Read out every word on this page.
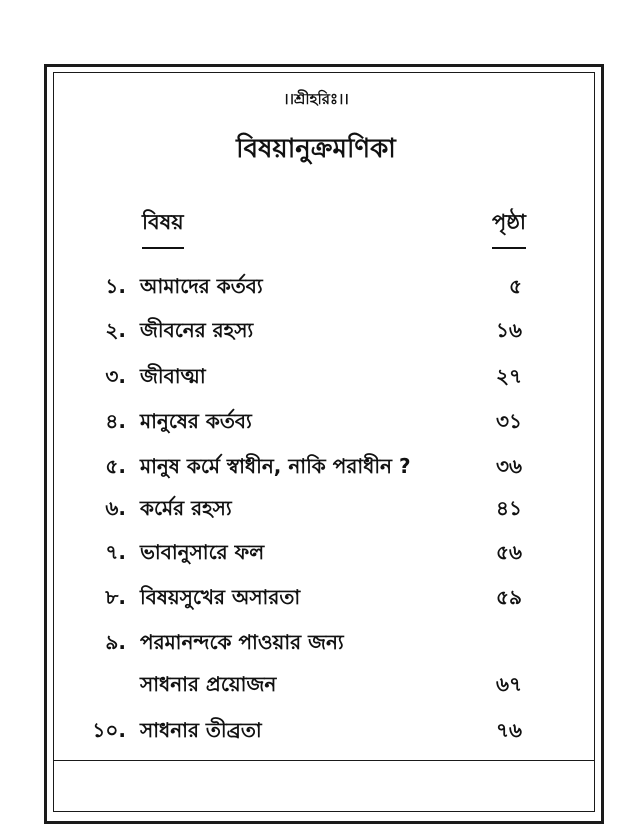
।।শ্রীহরিঃ।।
বিষয়ানুক্রমণিকা
বিষয়	পৃষ্ঠা
১. আমাদের কর্তব্য	৫
২. জীবনের রহস্য	১৬
৩. জীবাত্মা	২৭
৪. মানুষের কর্তব্য	৩১
৫. মানুষ কর্মে স্বাধীন, নাকি পরাধীন ?	৩৬
৬. কর্মের রহস্য	৪১
৭. ভাবানুসারে ফল	৫৬
৮. বিষয়সুখের অসারতা	৫৯
৯. পরমানন্দকে পাওয়ার জন্য
সাধনার প্রয়োজন	৬৭
১০. সাধনার তীব্রতা	৭৬
